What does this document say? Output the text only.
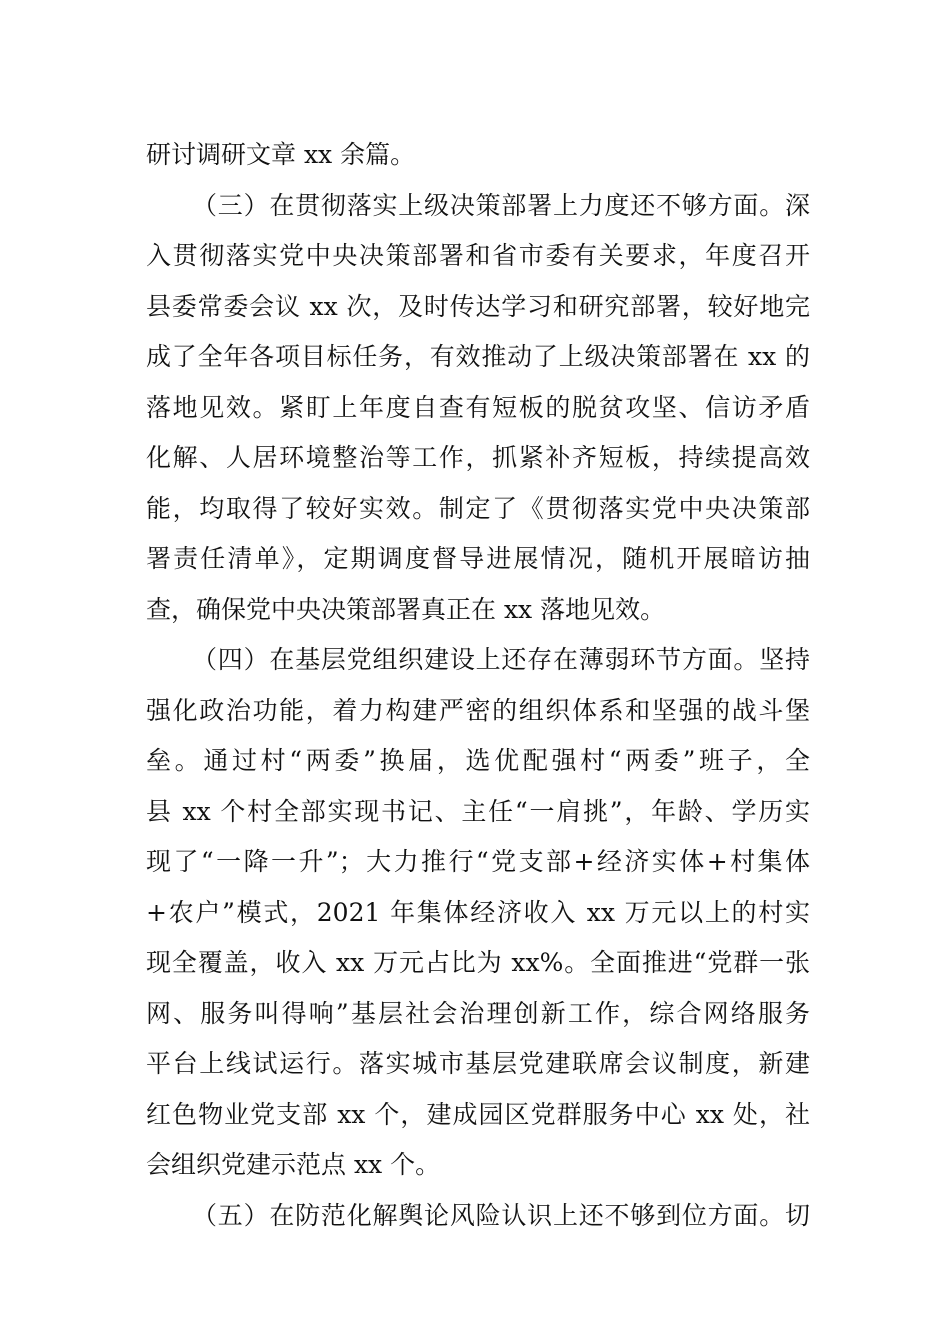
研讨调研文章 xx 余篇。
（三）在贯彻落实上级决策部署上力度还不够方面。深
入贯彻落实党中央决策部署和省市委有关要求，年度召开
县委常委会议 xx 次，及时传达学习和研究部署，较好地完
成了全年各项目标任务，有效推动了上级决策部署在 xx 的
落地见效。紧盯上年度自查有短板的脱贫攻坚、信访矛盾
化解、人居环境整治等工作，抓紧补齐短板，持续提高效
能，均取得了较好实效。制定了《贯彻落实党中央决策部
署责任清单》，定期调度督导进展情况，随机开展暗访抽
查，确保党中央决策部署真正在 xx 落地见效。
（四）在基层党组织建设上还存在薄弱环节方面。坚持
强化政治功能，着力构建严密的组织体系和坚强的战斗堡
垒。通过村“两委”换届，选优配强村“两委”班子，全
县 xx 个村全部实现书记、主任“一肩挑”，年龄、学历实
现了“一降一升”；大力推行“党支部+经济实体+村集体
+农户”模式，2021 年集体经济收入 xx 万元以上的村实
现全覆盖，收入 xx 万元占比为 xx%。全面推进“党群一张
网、服务叫得响”基层社会治理创新工作，综合网络服务
平台上线试运行。落实城市基层党建联席会议制度，新建
红色物业党支部 xx 个，建成园区党群服务中心 xx 处，社
会组织党建示范点 xx 个。
（五）在防范化解舆论风险认识上还不够到位方面。切
